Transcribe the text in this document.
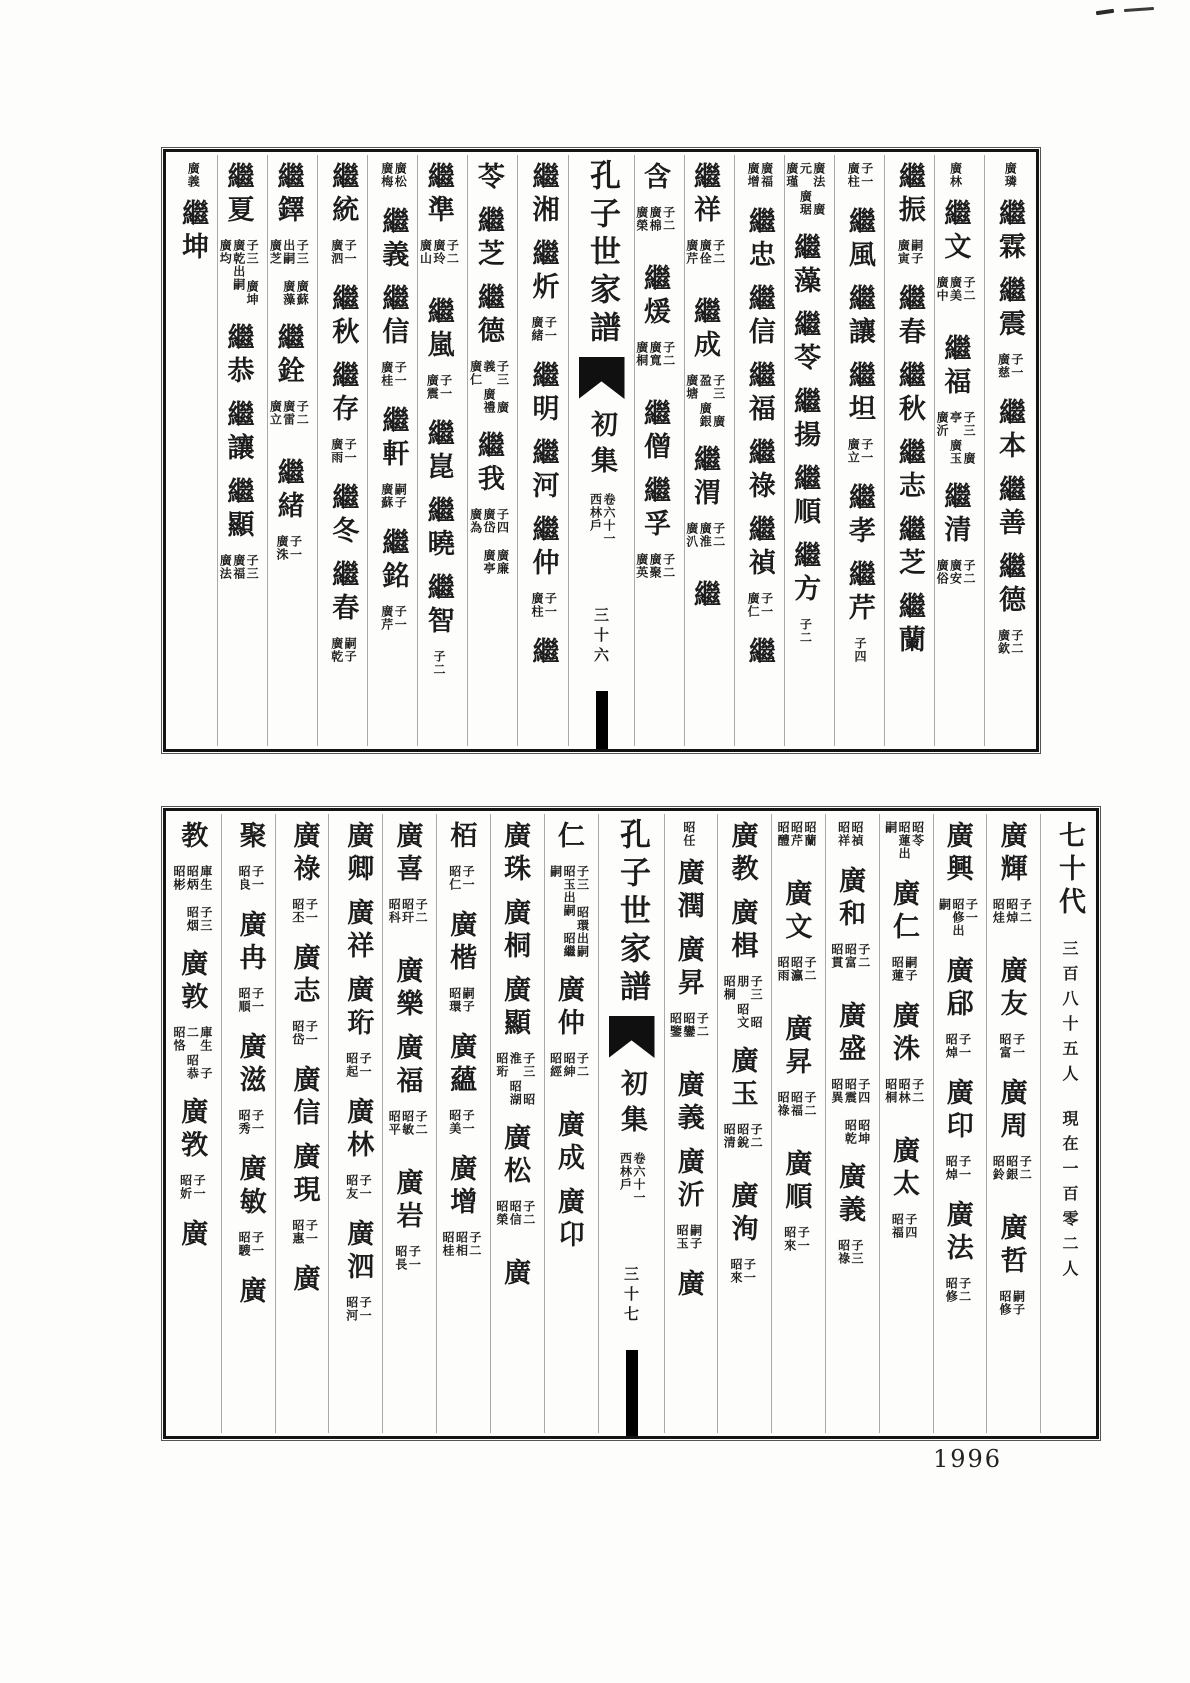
廣璘繼霖繼震子一 廣慈繼本繼善繼德子二 廣欽
廣林繼文子二 廣美 廣中繼福子三 廣亭 廣玉 廣沂繼清子二 廣安 廣俗
繼振嗣子 廣寅繼春繼秋繼志繼芝繼蘭
子一 廣柱繼風繼讓繼坦子一 廣立繼孝繼芹子四
廣法 廣元 廣琚 廣瑾繼藻繼苓繼揚繼順繼方子二
廣福 廣增繼忠繼信繼福繼祿繼禎子一 廣仁繼
繼祥子二 廣佺 廣芹繼成子三 廣盈 廣銀 廣塘繼渭子二 廣淮 廣汃繼
含子二 廣棉 廣榮繼煖子二 廣寬 廣桐繼僧繼孚子二 廣聚 廣英
孔子世家譜初集卷六十一 西林戶三十六
繼湘繼炘子一 廣緒繼明繼河繼仲子一 廣柱繼
苓繼芝繼德子三 廣義 廣禮 廣仁繼我子四 廣廉 廣岱 廣亭 廣為
繼準子二 廣玲 廣山繼嵐子一 廣震繼崑繼曉繼智子二
廣松 廣梅繼義繼信子一 廣桂繼軒嗣子 廣蘇繼銘子一 廣芹
繼統子一 廣泗繼秋繼存子一 廣雨繼冬繼春嗣子 廣乾
繼鐸子三 廣蘇出嗣 廣藻 廣芝繼銓子二 廣雷 廣立繼緒子一 廣洙
繼夏子三 廣坤 廣乾出嗣 廣均繼恭繼讓繼顯子三 廣福 廣法
廣義繼坤
七十代三百八十五人現在一百零二人
廣輝子二 昭焯 昭烓廣友子一 昭富廣周子二 昭銀 昭鈴廣哲嗣子 昭修
廣興子一 昭修出嗣廣郈子一 昭焯廣印子一 昭焯廣法子二 昭修
昭苓 昭蓮出嗣廣仁嗣子 昭蓮廣洙子二 昭林 昭桐廣太子四 昭福
昭禎 昭祥廣和子二 昭富 昭貫廣盛子四 昭坤 昭震 昭乾 昭異廣義子三 昭祿
昭蘭 昭芹 昭醴廣文子二 昭瀛 昭雨廣昇子二 昭福 昭祿廣順子一 昭來
廣教廣楫子三 昭朋 昭文 昭桐廣玉子二 昭銳 昭清廣洵子一 昭來
昭任廣潤廣昇子二 昭鑾 昭鑒廣義廣沂嗣子 昭玉廣
孔子世家譜初集卷六十一 西林戶三十七
仁子三 昭環出嗣 昭玉出嗣 昭繼嗣廣仲子二 昭紳 昭經廣成廣卬
廣珠廣桐廣顯子三 昭淮 昭湖 昭珩廣松子二 昭信 昭榮廣
栢子一 昭仁廣楷嗣子 昭環廣蘊子一 昭美廣增子二 昭相 昭桂
廣喜子二 昭玕 昭科廣樂廣福子二 昭敏 昭平廣岩子一 昭長
廣卿廣祥廣珩子一 昭起廣林子一 昭友廣泗子一 昭河
廣祿子一 昭丕廣志子一 昭岱廣信廣現子一 昭惠廣
聚子一 昭良廣冉子一 昭順廣滋子一 昭秀廣敏子一 昭騪廣
教庫生 子三 昭炳 昭烟 昭彬廣敦庫生 子二 昭恭 昭恪廣敩子一 昭妡廣
1996
